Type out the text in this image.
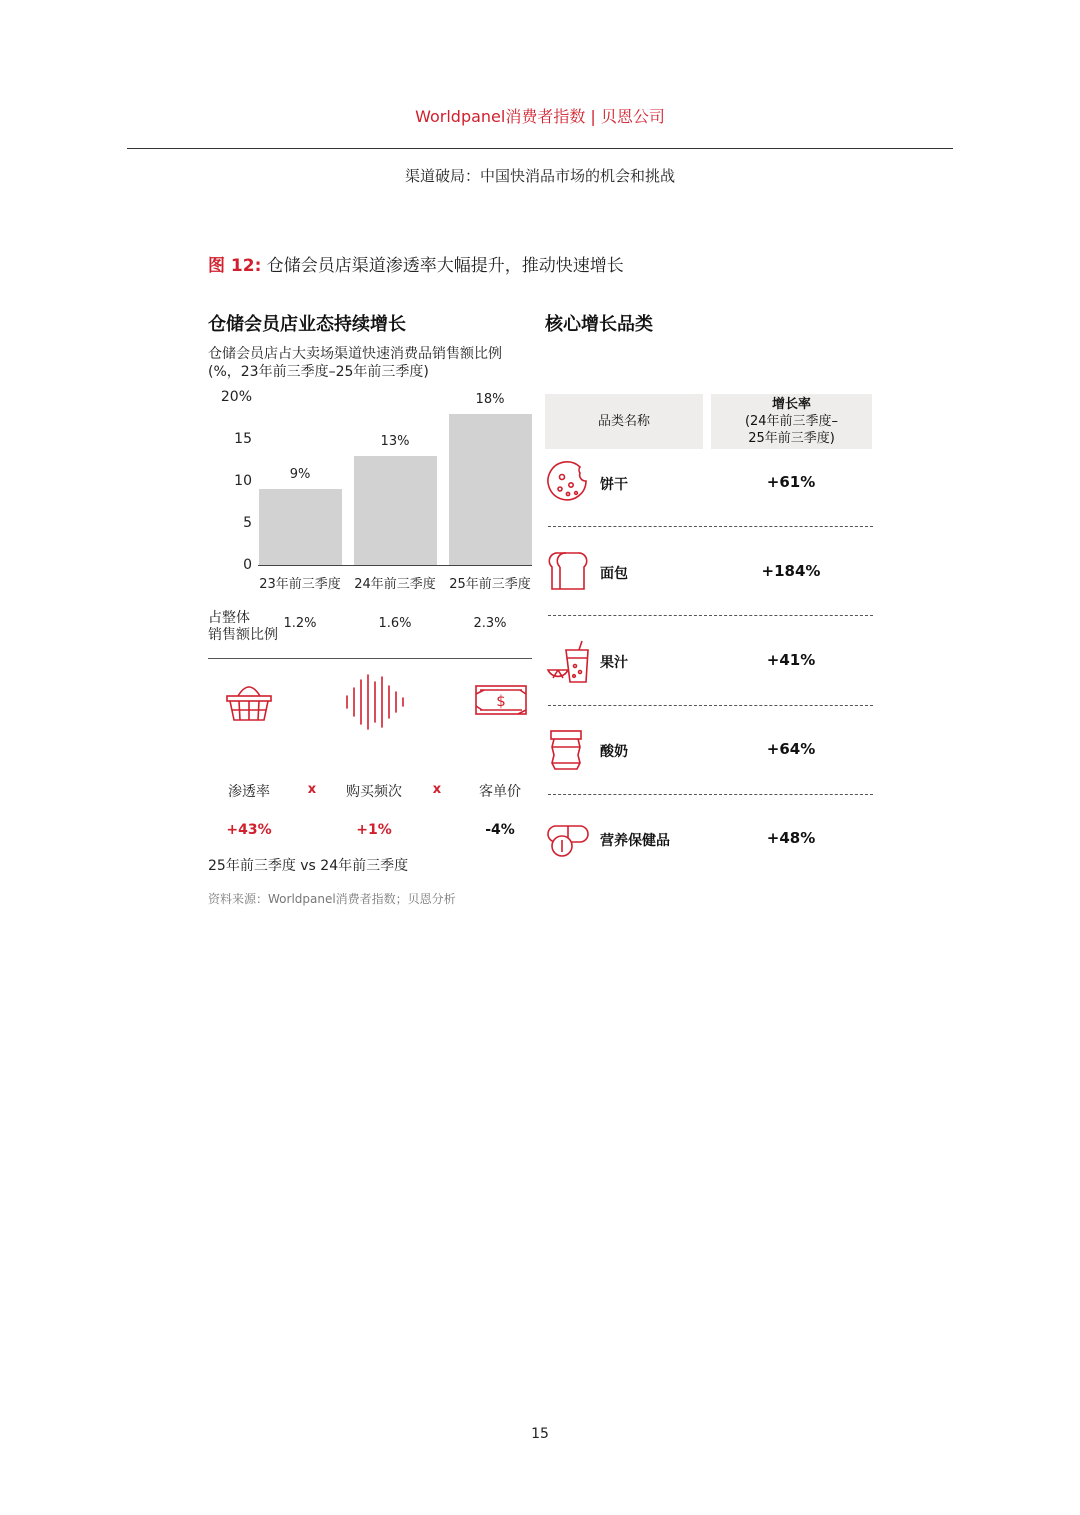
Worldpanel消费者指数 | 贝恩公司
渠道破局：中国快消品市场的机会和挑战
图 12: 仓储会员店渠道渗透率大幅提升，推动快速增长
仓储会员店业态持续增长
仓储会员店占大卖场渠道快速消费品销售额比例
(%，23年前三季度–25年前三季度)
20%
15
10
5
0
9%
13%
18%
23年前三季度	24年前三季度	25年前三季度
占整体
销售额比例
1.2%	1.6%	2.3%
$
渗透率	x	购买频次	x	客单价
+43%	+1%	-4%
25年前三季度 vs 24年前三季度
核心增长品类
品类名称
增长率
(24年前三季度–
25年前三季度)
饼干	+61%
面包	+184%
果汁	+41%
酸奶	+64%
营养保健品	+48%
资料来源：Worldpanel消费者指数；贝恩分析
15
